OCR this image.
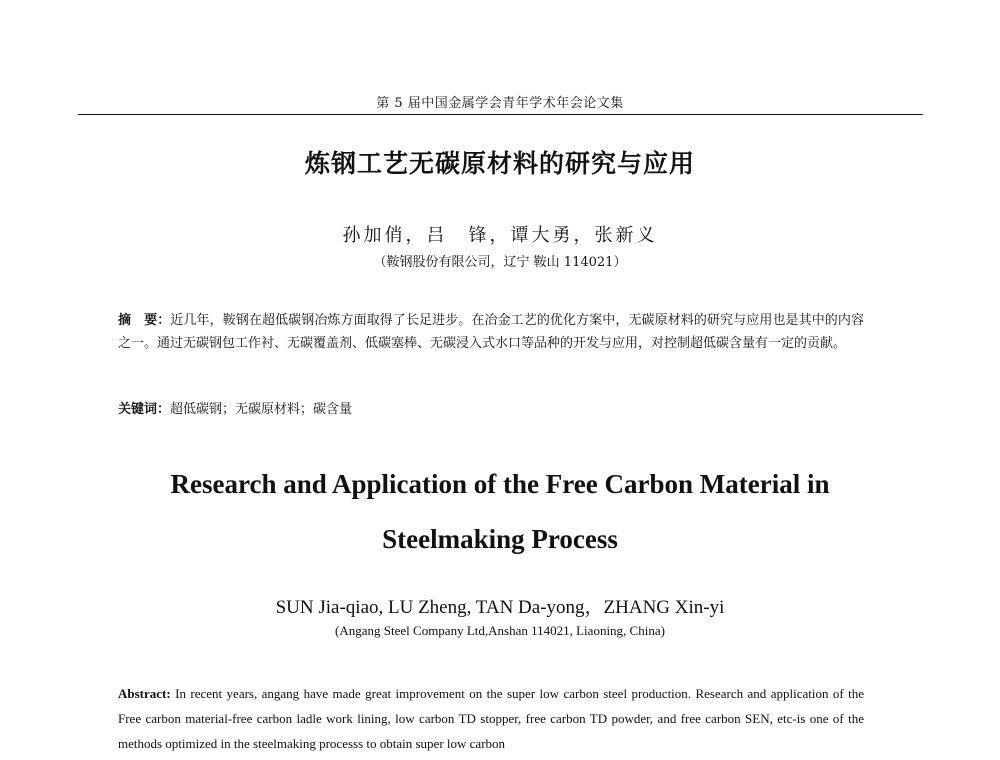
第 5 届中国金属学会青年学术年会论文集
炼钢工艺无碳原材料的研究与应用
孙加俏，吕　锋，谭大勇，张新义
（鞍钢股份有限公司，辽宁 鞍山 114021）
摘　要：近几年，鞍钢在超低碳钢冶炼方面取得了长足进步。在冶金工艺的优化方案中，无碳原材料的研究与应用也是其中的内容之一。通过无碳钢包工作衬、无碳覆盖剂、低碳塞棒、无碳浸入式水口等品种的开发与应用，对控制超低碳含量有一定的贡献。
关键词：超低碳钢；无碳原材料；碳含量
Research and Application of the Free Carbon Material in
Steelmaking Process
SUN Jia-qiao, LU Zheng, TAN Da-yong，ZHANG Xin-yi
(Angang Steel Company Ltd,Anshan 114021, Liaoning, China)
Abstract: In recent years, angang have made great improvement on the super low carbon steel production. Research and application of the Free carbon material-free carbon ladle work lining, low carbon TD stopper, free carbon TD powder, and free carbon SEN, etc-is one of the methods optimized in the steelmaking processs to obtain super low carbon
